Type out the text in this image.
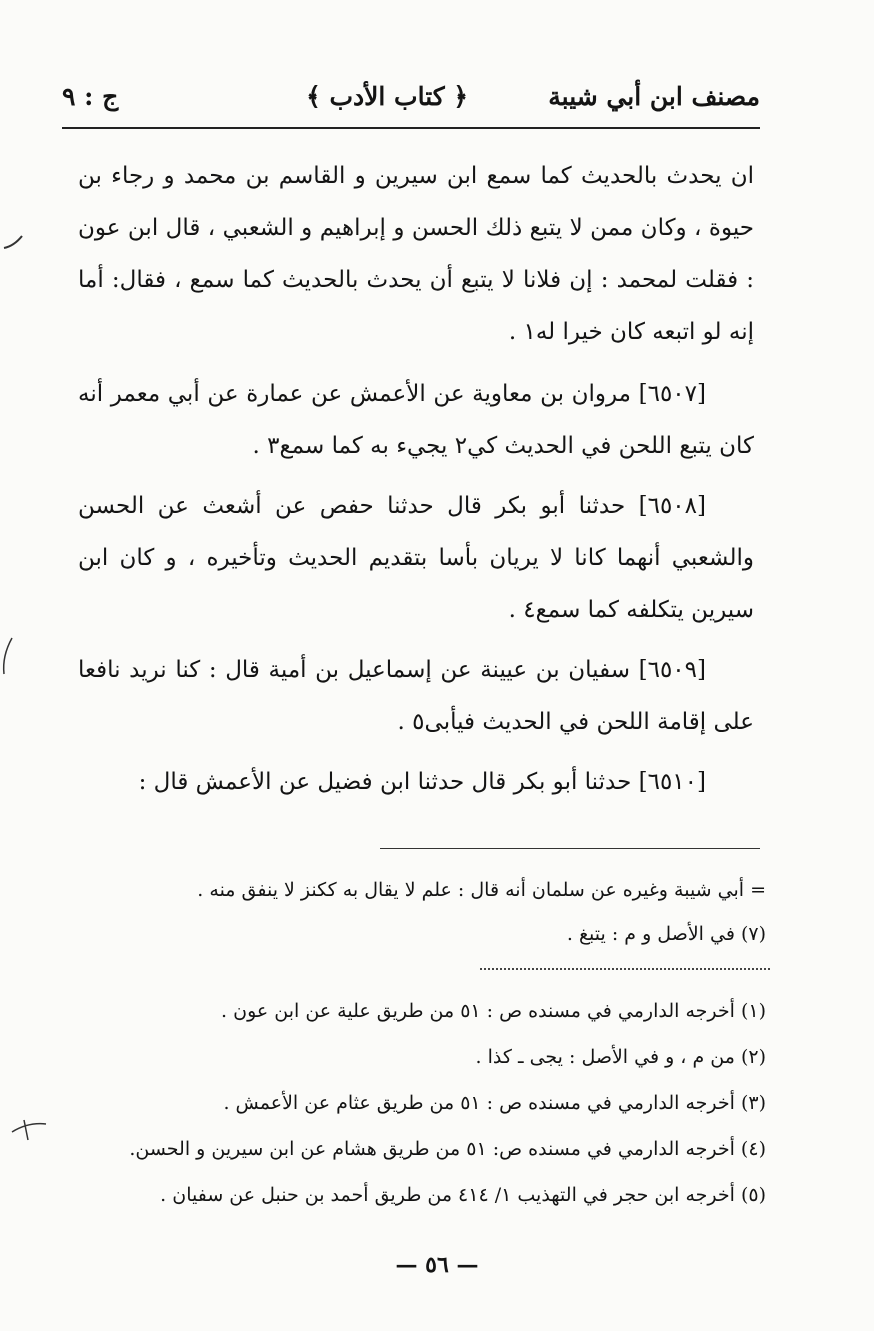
مصنف ابن أبي شيبة
﴿ كتاب الأدب ﴾
ج : ٩

ان يحدث بالحديث كما سمع ابن سيرين و القاسم بن محمد و رجاء بن حيوة ، وكان ممن لا يتبع ذلك الحسن و إبراهيم و الشعبي ، قال ابن عون : فقلت لمحمد : إن فلانا لا يتبع أن يحدث بالحديث كما سمع ، فقال: أما إنه لو اتبعه كان خيرا له١ .

[٦٥٠٧] مروان بن معاوية عن الأعمش عن عمارة عن أبي معمر أنه كان يتبع اللحن في الحديث كي٢ يجيء به كما سمع٣ .

[٦٥٠٨] حدثنا أبو بكر قال حدثنا حفص عن أشعث عن الحسن والشعبي أنهما كانا لا يريان بأسا بتقديم الحديث وتأخيره ، و كان ابن سيرين يتكلفه كما سمع٤ .

[٦٥٠٩] سفيان بن عيينة عن إسماعيل بن أمية قال : كنا نريد نافعا على إقامة اللحن في الحديث فيأبى٥ .

[٦٥١٠] حدثنا أبو بكر قال حدثنا ابن فضيل عن الأعمش قال :

= أبي شيبة وغيره عن سلمان أنه قال : علم لا يقال به ككنز لا ينفق منه .
(٧) في الأصل و م : يتبغ .
(١) أخرجه الدارمي في مسنده ص : ٥١ من طريق علية عن ابن عون .
(٢) من م ، و في الأصل : يجى ـ كذا .
(٣) أخرجه الدارمي في مسنده ص : ٥١ من طريق عثام عن الأعمش .
(٤) أخرجه الدارمي في مسنده ص: ٥١ من طريق هشام عن ابن سيرين و الحسن.
(٥) أخرجه ابن حجر في التهذيب ١/ ٤١٤ من طريق أحمد بن حنبل عن سفيان .
— ٥٦ —
